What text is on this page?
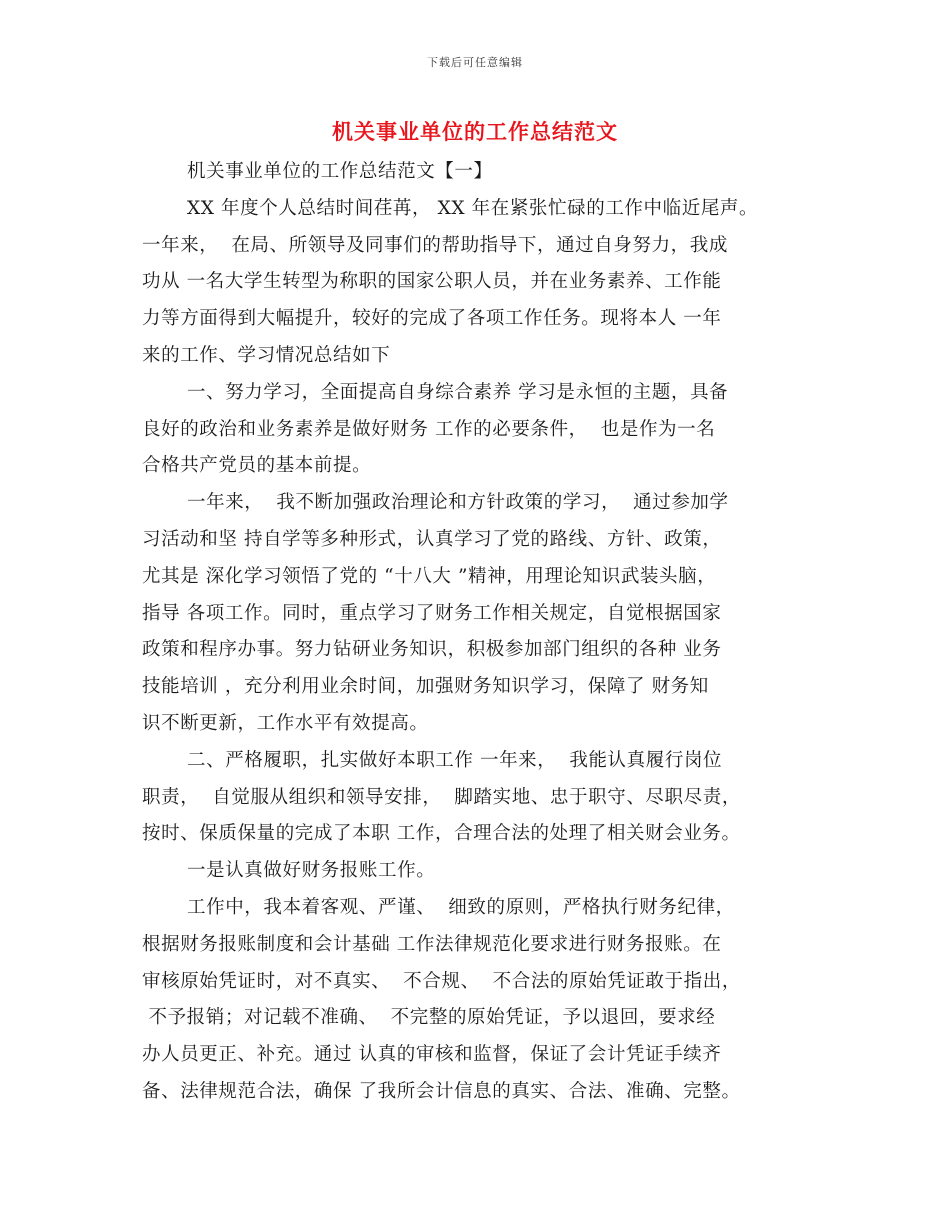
下载后可任意编辑
机关事业单位的工作总结范文
机关事业单位的工作总结范文【一】
XX 年度个人总结时间荏苒， XX 年在紧张忙碌的工作中临近尾声。
一年来，  在局、所领导及同事们的帮助指导下，通过自身努力，我成
功从 一名大学生转型为称职的国家公职人员，并在业务素养、工作能
力等方面得到大幅提升，较好的完成了各项工作任务。现将本人 一年
来的工作、学习情况总结如下
一、努力学习，全面提高自身综合素养 学习是永恒的主题，具备
良好的政治和业务素养是做好财务 工作的必要条件，  也是作为一名
合格共产党员的基本前提。
一年来，  我不断加强政治理论和方针政策的学习，  通过参加学
习活动和坚 持自学等多种形式，认真学习了党的路线、方针、政策，
尤其是 深化学习领悟了党的 “十八大 ”精神，用理论知识武装头脑，
指导 各项工作。同时，重点学习了财务工作相关规定，自觉根据国家
政策和程序办事。努力钻研业务知识，积极参加部门组织的各种 业务
技能培训 ，充分利用业余时间，加强财务知识学习，保障了 财务知
识不断更新，工作水平有效提高。
二、严格履职，扎实做好本职工作 一年来，  我能认真履行岗位
职责，  自觉服从组织和领导安排，  脚踏实地、忠于职守、尽职尽责，
按时、保质保量的完成了本职 工作，合理合法的处理了相关财会业务。
一是认真做好财务报账工作。
工作中，我本着客观、严谨、  细致的原则，严格执行财务纪律，
根据财务报账制度和会计基础 工作法律规范化要求进行财务报账。在
审核原始凭证时，对不真实、  不合规、  不合法的原始凭证敢于指出，
不予报销；对记载不准确、  不完整的原始凭证，予以退回，要求经
办人员更正、补充。通过 认真的审核和监督，保证了会计凭证手续齐
备、法律规范合法，确保 了我所会计信息的真实、合法、准确、完整。
